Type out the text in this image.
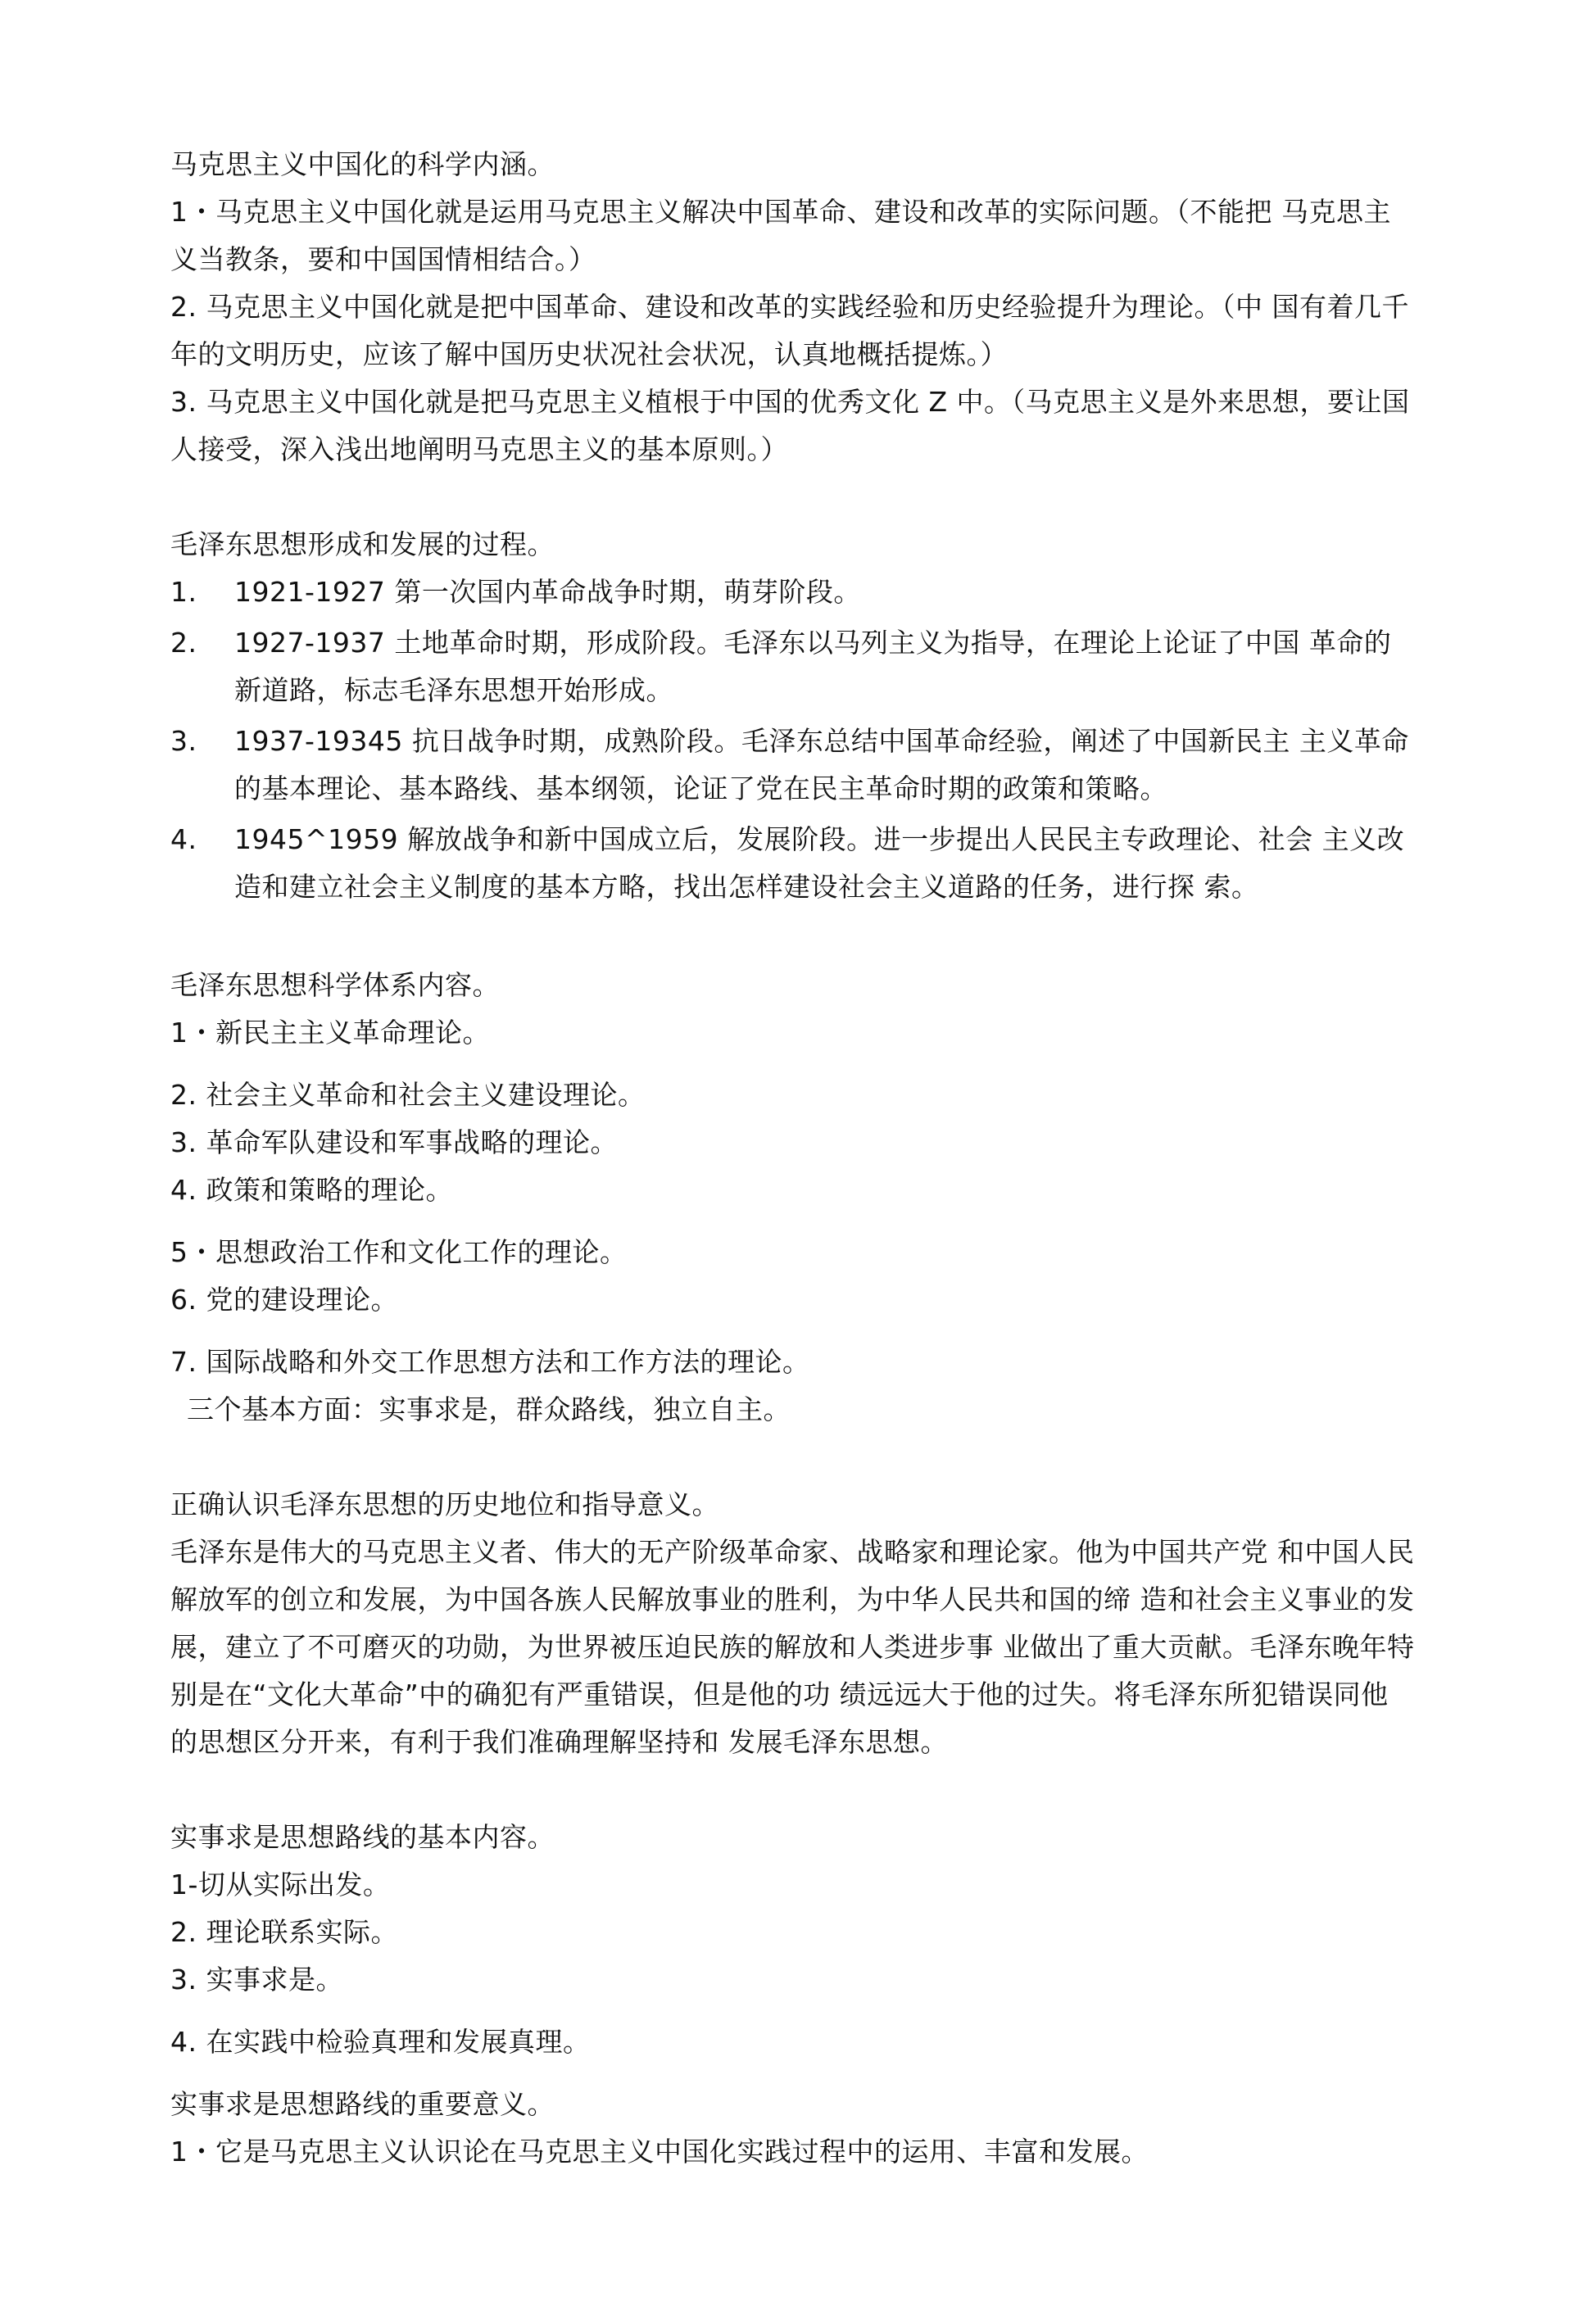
马克思主义中国化的科学内涵。

1・马克思主义中国化就是运用马克思主义解决中国革命、建设和改革的实际问题。（不能把 马克思主义当教条，要和中国国情相结合。）

2. 马克思主义中国化就是把中国革命、建设和改革的实践经验和历史经验提升为理论。（中 国有着几千年的文明历史，应该了解中国历史状况社会状况，认真地概括提炼。）

3. 马克思主义中国化就是把马克思主义植根于中国的优秀文化 Z 中。（马克思主义是外来思想，要让国人接受，深入浅出地阐明马克思主义的基本原则。）

毛泽东思想形成和发展的过程。

1.	1921-1927 第一次国内革命战争时期，萌芽阶段。
2.	1927-1937 土地革命时期，形成阶段。毛泽东以马列主义为指导，在理论上论证了中国 革命的新道路，标志毛泽东思想开始形成。
3.	1937-19345 抗日战争时期，成熟阶段。毛泽东总结中国革命经验，阐述了中国新民主 主义革命的基本理论、基本路线、基本纲领，论证了党在民主革命时期的政策和策略。
4.	1945^1959 解放战争和新中国成立后，发展阶段。进一步提出人民民主专政理论、社会 主义改造和建立社会主义制度的基本方略，找出怎样建设社会主义道路的任务，进行探 索。

毛泽东思想科学体系内容。

1・新民主主义革命理论。

2. 社会主义革命和社会主义建设理论。

3. 革命军队建设和军事战略的理论。

4. 政策和策略的理论。

5・思想政治工作和文化工作的理论。

6. 党的建设理论。

7. 国际战略和外交工作思想方法和工作方法的理论。

三个基本方面：实事求是，群众路线，独立自主。

正确认识毛泽东思想的历史地位和指导意义。

毛泽东是伟大的马克思主义者、伟大的无产阶级革命家、战略家和理论家。他为中国共产党 和中国人民解放军的创立和发展，为中国各族人民解放事业的胜利，为中华人民共和国的缔 造和社会主义事业的发展，建立了不可磨灭的功勋，为世界被压迫民族的解放和人类进步事 业做出了重大贡献。毛泽东晚年特别是在“文化大革命”中的确犯有严重错误，但是他的功 绩远远大于他的过失。将毛泽东所犯错误同他的思想区分开来，有利于我们准确理解坚持和 发展毛泽东思想。

实事求是思想路线的基本内容。

1-切从实际出发。

2. 理论联系实际。

3. 实事求是。

4. 在实践中检验真理和发展真理。

实事求是思想路线的重要意义。

1・它是马克思主义认识论在马克思主义中国化实践过程中的运用、丰富和发展。
